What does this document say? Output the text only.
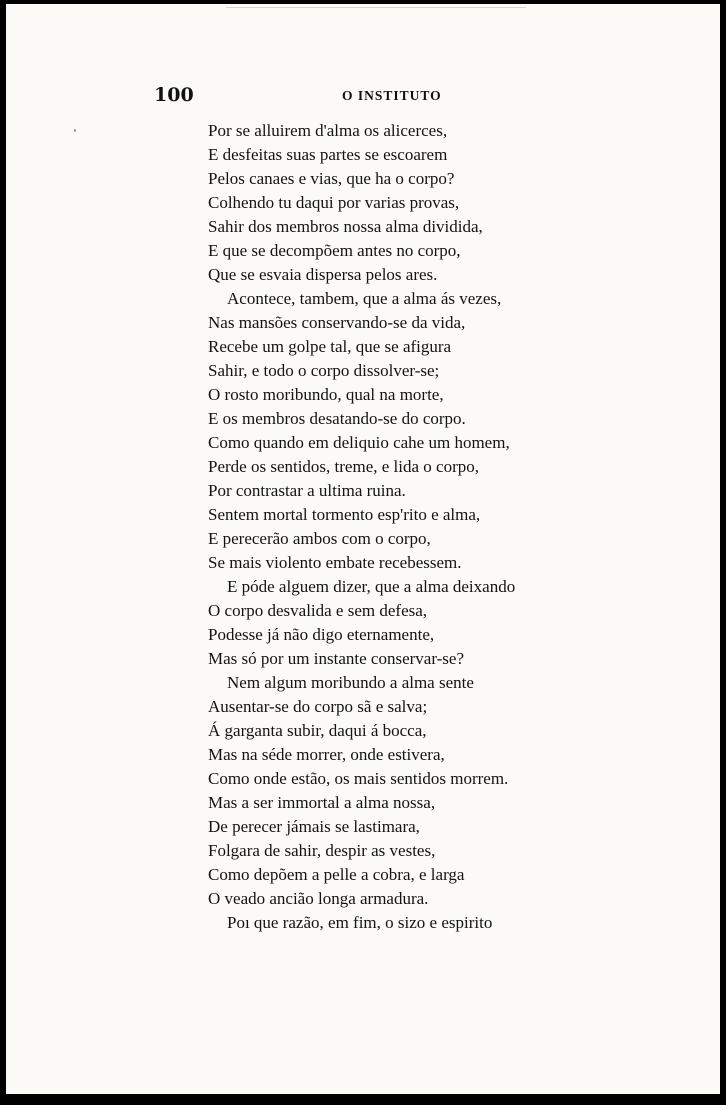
100	O INSTITUTO
Por se alluirem d'alma os alicerces,
E desfeitas suas partes se escoarem
Pelos canaes e vias, que ha o corpo?
Colhendo tu daqui por varias provas,
Sahir dos membros nossa alma dividida,
E que se decompõem antes no corpo,
Que se esvaia dispersa pelos ares.
Acontece, tambem, que a alma ás vezes,
Nas mansões conservando-se da vida,
Recebe um golpe tal, que se afigura
Sahir, e todo o corpo dissolver-se;
O rosto moribundo, qual na morte,
E os membros desatando-se do corpo.
Como quando em deliquio cahe um homem,
Perde os sentidos, treme, e lida o corpo,
Por contrastar a ultima ruina.
Sentem mortal tormento esp'rito e alma,
E perecerão ambos com o corpo,
Se mais violento embate recebessem.
E póde alguem dizer, que a alma deixando
O corpo desvalida e sem defesa,
Podesse já não digo eternamente,
Mas só por um instante conservar-se?
Nem algum moribundo a alma sente
Ausentar-se do corpo sã e salva;
Á garganta subir, daqui á bocca,
Mas na séde morrer, onde estivera,
Como onde estão, os mais sentidos morrem.
Mas a ser immortal a alma nossa,
De perecer jámais se lastimara,
Folgara de sahir, despir as vestes,
Como depõem a pelle a cobra, e larga
O veado ancião longa armadura.
Poı que razão, em fim, o sizo e espirito
